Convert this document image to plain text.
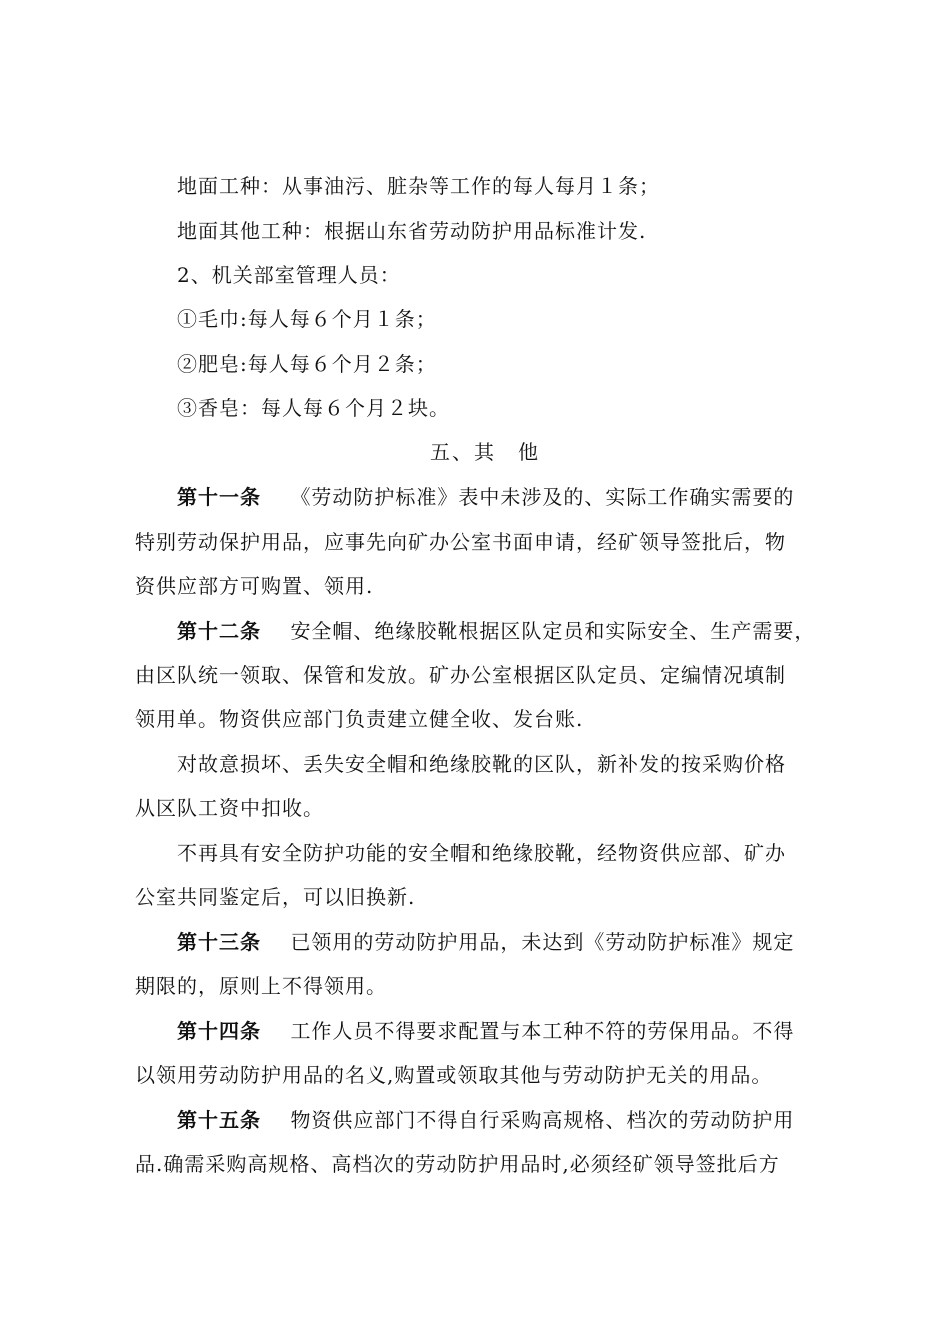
地面工种：从事油污、脏杂等工作的每人每月１条；
地面其他工种：根据山东省劳动防护用品标准计发.
2、机关部室管理人员：
①毛巾:每人每６个月１条；
②肥皂:每人每６个月２条；
③香皂：每人每６个月２块。
五、其　他
第十一条 《劳动防护标准》表中未涉及的、实际工作确实需要的
特别劳动保护用品，应事先向矿办公室书面申请，经矿领导签批后，物
资供应部方可购置、领用.
第十二条 安全帽、绝缘胶靴根据区队定员和实际安全、生产需要，
由区队统一领取、保管和发放。矿办公室根据区队定员、定编情况填制
领用单。物资供应部门负责建立健全收、发台账.
对故意损坏、丢失安全帽和绝缘胶靴的区队，新补发的按采购价格
从区队工资中扣收。
不再具有安全防护功能的安全帽和绝缘胶靴，经物资供应部、矿办
公室共同鉴定后，可以旧换新.
第十三条 已领用的劳动防护用品，未达到《劳动防护标准》规定
期限的，原则上不得领用。
第十四条 工作人员不得要求配置与本工种不符的劳保用品。不得
以领用劳动防护用品的名义,购置或领取其他与劳动防护无关的用品。
第十五条 物资供应部门不得自行采购高规格、档次的劳动防护用
品.确需采购高规格、高档次的劳动防护用品时,必须经矿领导签批后方
